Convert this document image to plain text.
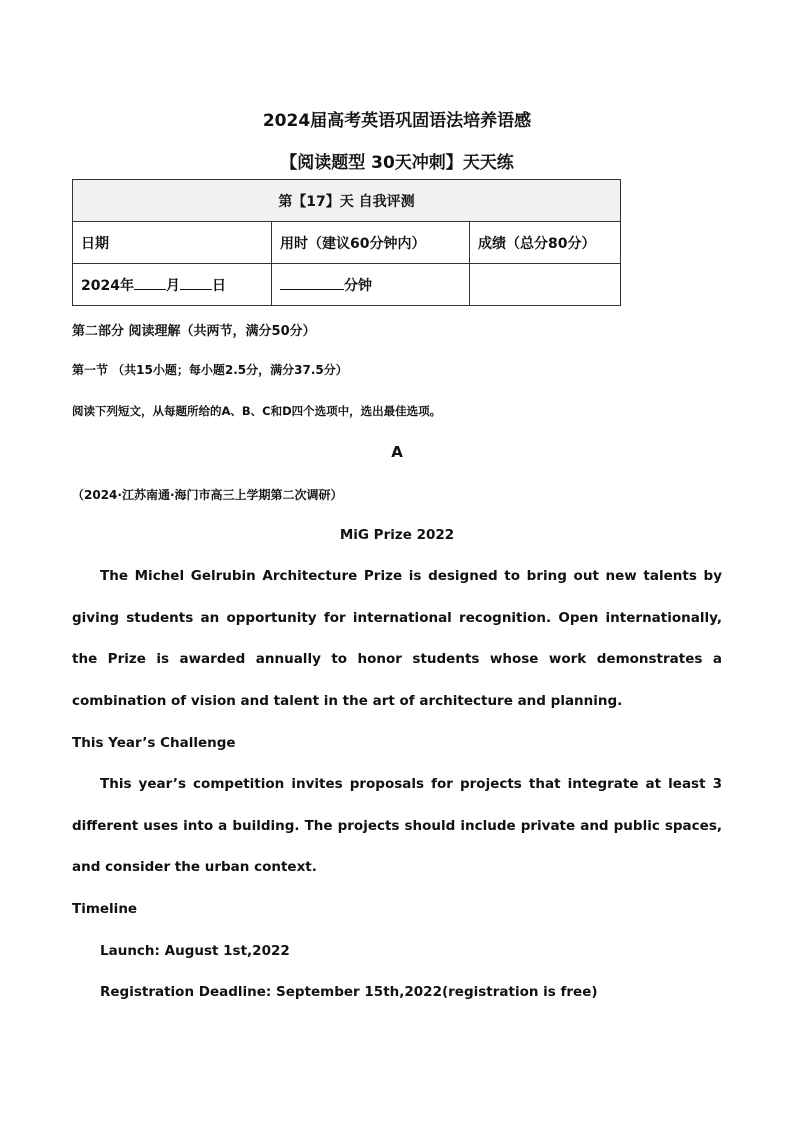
2024届高考英语巩固语法培养语感
【阅读题型 30天冲刺】天天练
第【17】天 自我评测		
日期	用时（建议60分钟内）	成绩（总分80分）
2024年 月 日	分钟	
第二部分 阅读理解（共两节，满分50分）
第一节 （共15小题；每小题2.5分，满分37.5分）
阅读下列短文，从每题所给的A、B、C和D四个选项中，选出最佳选项。
A
（2024·江苏南通·海门市高三上学期第二次调研）
MiG Prize 2022
The Michel Gelrubin Architecture Prize is designed to bring out new talents by giving students an opportunity for international recognition. Open internationally, the Prize is awarded annually to honor students whose work demonstrates a combination of vision and talent in the art of architecture and planning.
This Year’s Challenge
This year’s competition invites proposals for projects that integrate at least 3 different uses into a building. The projects should include private and public spaces, and consider the urban context.
Timeline
Launch: August 1st,2022
Registration Deadline: September 15th,2022(registration is free)
